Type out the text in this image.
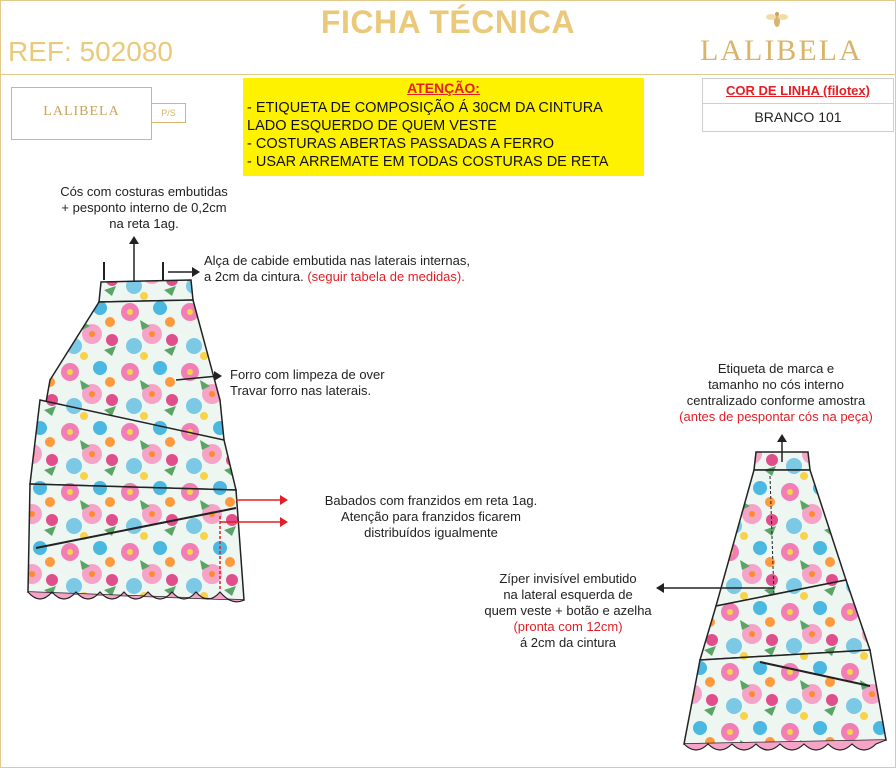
FICHA TÉCNICA
REF: 502080	LALIBELA
LALIBELA	P/S
ATENÇÃO:
- ETIQUETA DE COMPOSIÇÃO Á 30CM DA CINTURA
LADO ESQUERDO DE QUEM VESTE
- COSTURAS ABERTAS PASSADAS A FERRO
- USAR ARREMATE EM TODAS COSTURAS DE RETA
COR DE LINHA (filotex)
BRANCO 101
Cós com costuras embutidas
+ pesponto interno de 0,2cm
na reta 1ag.
Alça de cabide embutida nas laterais internas,
a 2cm da cintura. (seguir tabela de medidas).
Forro com limpeza de over
Travar forro nas laterais.
Babados com franzidos em reta 1ag.
Atenção para franzidos ficarem
distribuídos igualmente
Etiqueta de marca e
tamanho no cós interno
centralizado conforme amostra
(antes de pespontar cós na peça)
Zíper invisível embutido
na lateral esquerda de
quem veste + botão e azelha
(pronta com 12cm)
á 2cm da cintura
